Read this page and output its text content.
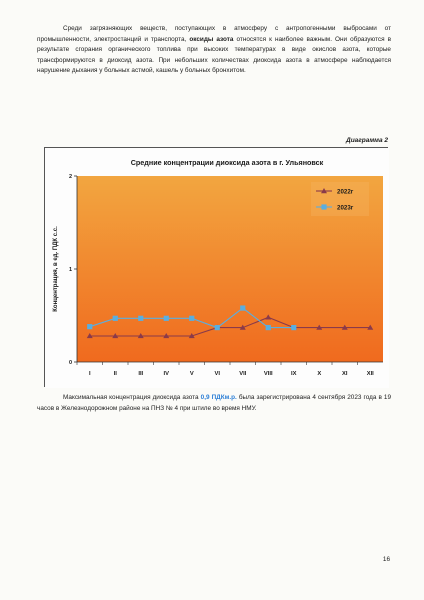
Среди загрязняющих веществ, поступающих в атмосферу с антропогенными выбросами от промышленности, электростанций и транспорта, оксиды азота относятся к наиболее важным. Они образуются в результате сгорания органического топлива при высоких температурах в виде окислов азота, которые трансформируются в диоксид азота. При небольших количествах диоксида азота в атмосфере наблюдается нарушение дыхания у больных астмой, кашель у больных бронхитом.

Диаграмма 2
Средние концентрации диоксида азота в г. Ульяновск
0
1
2
I	II	III	IV	V	VI	VII	VIII	IX	X	XI	XII
2022г
2023г
Концентрация, в ед. ПДК с.с.

Максимальная концентрация диоксида азота 0,9 ПДКм.р. была зарегистрирована 4 сентября 2023 года в 19 часов в Железнодорожном районе на ПНЗ № 4 при штиле во время НМУ.

16
